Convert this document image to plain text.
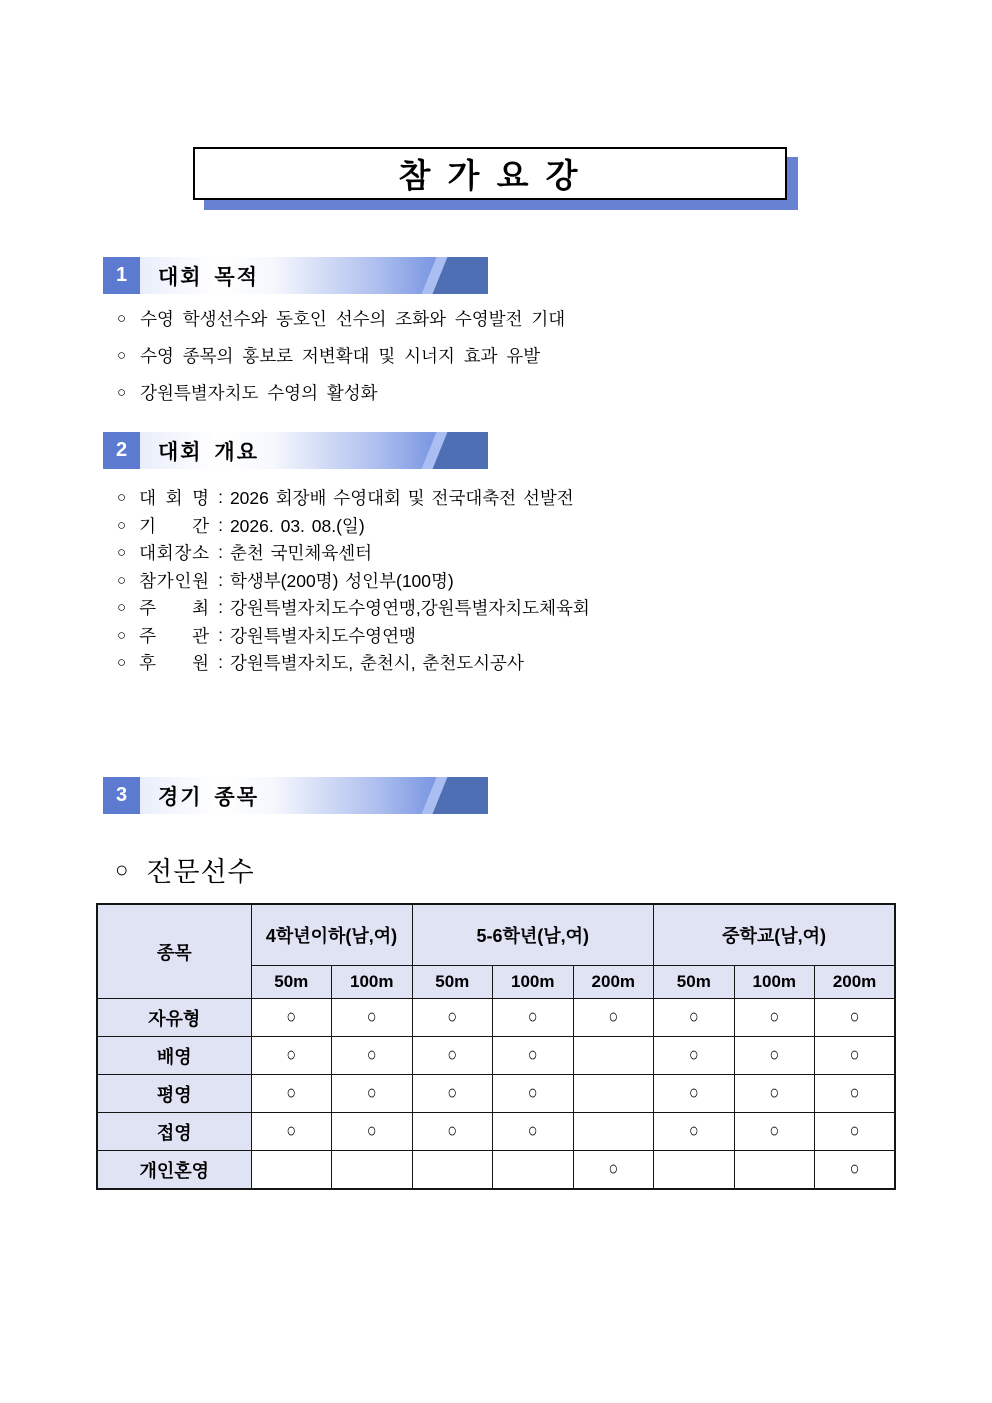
참 가 요 강
1	대회 목적
○ 수영 학생선수와 동호인 선수의 조화와 수영발전 기대
○ 수영 종목의 홍보로 저변확대 및 시너지 효과 유발
○ 강원특별자치도 수영의 활성화
2	대회 개요
○ 대 회 명 : 2026 회장배 수영대회 및 전국대축전 선발전
○ 기 간 : 2026. 03. 08.(일)
○ 대 회 장 소 : 춘천 국민체육센터
○ 참 가 인 원 : 학생부(200명) 성인부(100명)
○ 주 최 : 강원특별자치도수영연맹,강원특별자치도체육회
○ 주 관 : 강원특별자치도수영연맹
○ 후 원 : 강원특별자치도, 춘천시, 춘천도시공사
3	경기 종목
○ 전문선수
종목	4학년이하(남,여)		5-6학년(남,여)			중학교(남,여)		
	50m	100m	50m	100m	200m	50m	100m	200m
자유형	○	○	○	○	○	○	○	○
배영	○	○	○	○		○	○	○
평영	○	○	○	○		○	○	○
접영	○	○	○	○		○	○	○
개인혼영					○			○
